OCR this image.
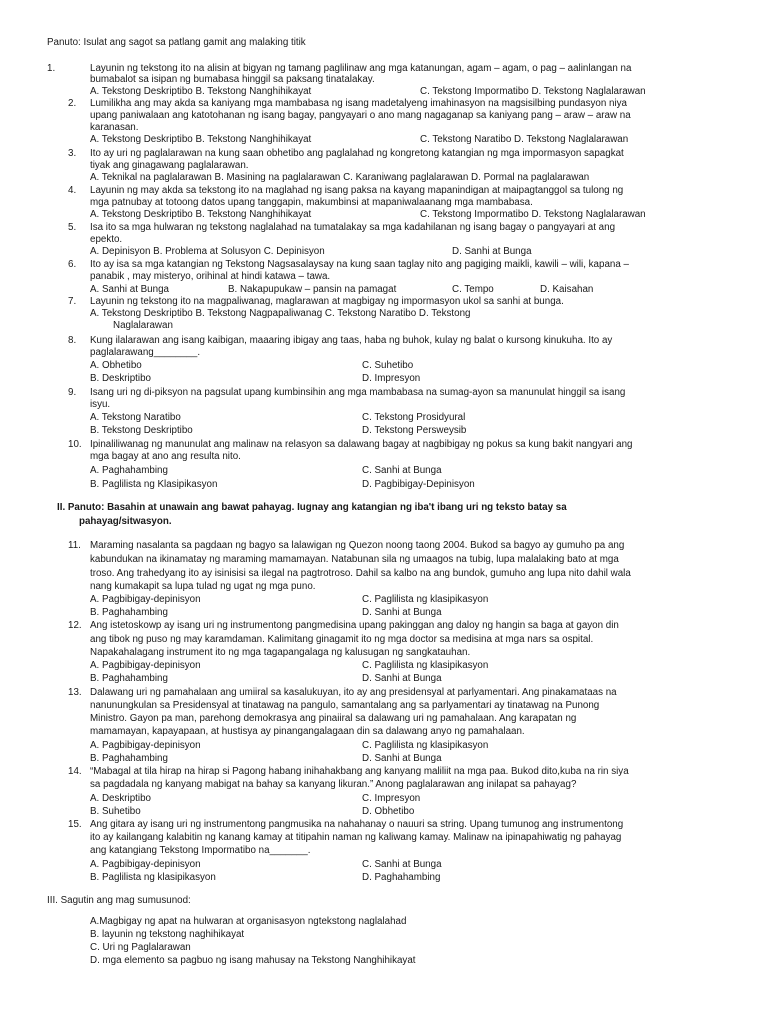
Panuto: Isulat ang sagot sa patlang gamit ang malaking titik
1.	Layunin ng tekstong ito na alisin at bigyan ng tamang paglilinaw ang mga katanungan, agam – agam, o pag – aalinlangan na
bumabalot sa isipan ng bumabasa hinggil sa paksang tinatalakay.
A. Tekstong Deskriptibo B. Tekstong Nanghihikayat	C. Tekstong Impormatibo D. Tekstong Naglalarawan
2. Lumilikha ang may akda sa kaniyang mga mambabasa ng isang madetalyeng imahinasyon na magsisilbing pundasyon niya
upang paniwalaan ang katotohanan ng isang bagay, pangyayari o ano mang nagaganap sa kaniyang pang – araw – araw na
karanasan.
A. Tekstong Deskriptibo B. Tekstong Nanghihikayat	C. Tekstong Naratibo D. Tekstong Naglalarawan
3. Ito ay uri ng paglalarawan na kung saan obhetibo ang paglalahad ng kongretong katangian ng mga impormasyon sapagkat
tiyak ang ginagawang paglalarawan.
A. Teknikal na paglalarawan B. Masining na paglalarawan C. Karaniwang paglalarawan D. Pormal na paglalarawan
4. Layunin ng may akda sa tekstong ito na maglahad ng isang paksa na kayang mapanindigan at maipagtanggol sa tulong ng
mga patnubay at totoong datos upang tanggapin, makumbinsi at mapaniwalaanang mga mambabasa.
A. Tekstong Deskriptibo B. Tekstong Nanghihikayat	C. Tekstong Impormatibo D. Tekstong Naglalarawan
5. Isa ito sa mga hulwaran ng tekstong naglalahad na tumatalakay sa mga kadahilanan ng isang bagay o pangyayari at ang
epekto.
A. Depinisyon B. Problema at Solusyon C. Depinisyon	D. Sanhi at Bunga
6. Ito ay isa sa mga katangian ng Tekstong Nagsasalaysay na kung saan taglay nito ang pagiging maikli, kawili – wili, kapana –
panabik , may misteryo, orihinal at hindi katawa – tawa.
A. Sanhi at Bunga	B. Nakapupukaw – pansin na pamagat	C. Tempo	D. Kaisahan
7. Layunin ng tekstong ito na magpaliwanag, maglarawan at magbigay ng impormasyon ukol sa sanhi at bunga.
A. Tekstong Deskriptibo B. Tekstong Nagpapaliwanag C. Tekstong Naratibo D. Tekstong
Naglalarawan
8. Kung ilalarawan ang isang kaibigan, maaaring ibigay ang taas, haba ng buhok, kulay ng balat o kursong kinukuha. Ito ay
paglalarawang________.
A. Obhetibo	C. Suhetibo
B. Deskriptibo	D. Impresyon
9. Isang uri ng di-piksyon na pagsulat upang kumbinsihin ang mga mambabasa na sumag-ayon sa manunulat hinggil sa isang
isyu.
A. Tekstong Naratibo	C. Tekstong Prosidyural
B. Tekstong Deskriptibo	D. Tekstong Persweysib
10. Ipinaliliwanag ng manunulat ang malinaw na relasyon sa dalawang bagay at nagbibigay ng pokus sa kung bakit nangyari ang
mga bagay at ano ang resulta nito.
A. Paghahambing	C. Sanhi at Bunga
B. Paglilista ng Klasipikasyon	D. Pagbibigay-Depinisyon
II. Panuto: Basahin at unawain ang bawat pahayag. Iugnay ang katangian ng iba't ibang uri ng teksto batay sa
pahayag/sitwasyon.
11. Maraming nasalanta sa pagdaan ng bagyo sa lalawigan ng Quezon noong taong 2004. Bukod sa bagyo ay gumuho pa ang
kabundukan na ikinamatay ng maraming mamamayan. Natabunan sila ng umaagos na tubig, lupa malalaking bato at mga
troso. Ang trahedyang ito ay isinisisi sa ilegal na pagtrotroso. Dahil sa kalbo na ang bundok, gumuho ang lupa nito dahil wala
nang kumakapit sa lupa tulad ng ugat ng mga puno.
A. Pagbibigay-depinisyon	C. Paglilista ng klasipikasyon
B. Paghahambing	D. Sanhi at Bunga
12. Ang istetoskowp ay isang uri ng instrumentong pangmedisina upang pakinggan ang daloy ng hangin sa baga at gayon din
ang tibok ng puso ng may karamdaman. Kalimitang ginagamit ito ng mga doctor sa medisina at mga nars sa ospital.
Napakahalagang instrument ito ng mga tagapangalaga ng kalusugan ng sangkatauhan.
A. Pagbibigay-depinisyon	C. Paglilista ng klasipikasyon
B. Paghahambing	D. Sanhi at Bunga
13. Dalawang uri ng pamahalaan ang umiiral sa kasalukuyan, ito ay ang presidensyal at parlyamentari. Ang pinakamataas na
nanunungkulan sa Presidensyal at tinatawag na pangulo, samantalang ang sa parlyamentari ay tinatawag na Punong
Ministro. Gayon pa man, parehong demokrasya ang pinaiiral sa dalawang uri ng pamahalaan. Ang karapatan ng
mamamayan, kapayapaan, at hustisya ay pinangangalagaan din sa dalawang anyo ng pamahalaan.
A. Pagbibigay-depinisyon	C. Paglilista ng klasipikasyon
B. Paghahambing	D. Sanhi at Bunga
14. “Mabagal at tila hirap na hirap si Pagong habang inihahakbang ang kanyang maliliit na mga paa. Bukod dito,kuba na rin siya
sa pagdadala ng kanyang mabigat na bahay sa kanyang likuran.” Anong paglalarawan ang inilapat sa pahayag?
A. Deskriptibo	C. Impresyon
B. Suhetibo	D. Obhetibo
15. Ang gitara ay isang uri ng instrumentong pangmusika na nahahanay o nauuri sa string. Upang tumunog ang instrumentong
ito ay kailangang kalabitin ng kanang kamay at titipahin naman ng kaliwang kamay. Malinaw na ipinapahiwatig ng pahayag
ang katangiang Tekstong Impormatibo na_______.
A. Pagbibigay-depinisyon	C. Sanhi at Bunga
B. Paglilista ng klasipikasyon	D. Paghahambing
III. Sagutin ang mag sumusunod:
A.Magbigay ng apat na hulwaran at organisasyon ngtekstong naglalahad
B. layunin ng tekstong naghihikayat
C. Uri ng Paglalarawan
D. mga elemento sa pagbuo ng isang mahusay na Tekstong Nanghihikayat
